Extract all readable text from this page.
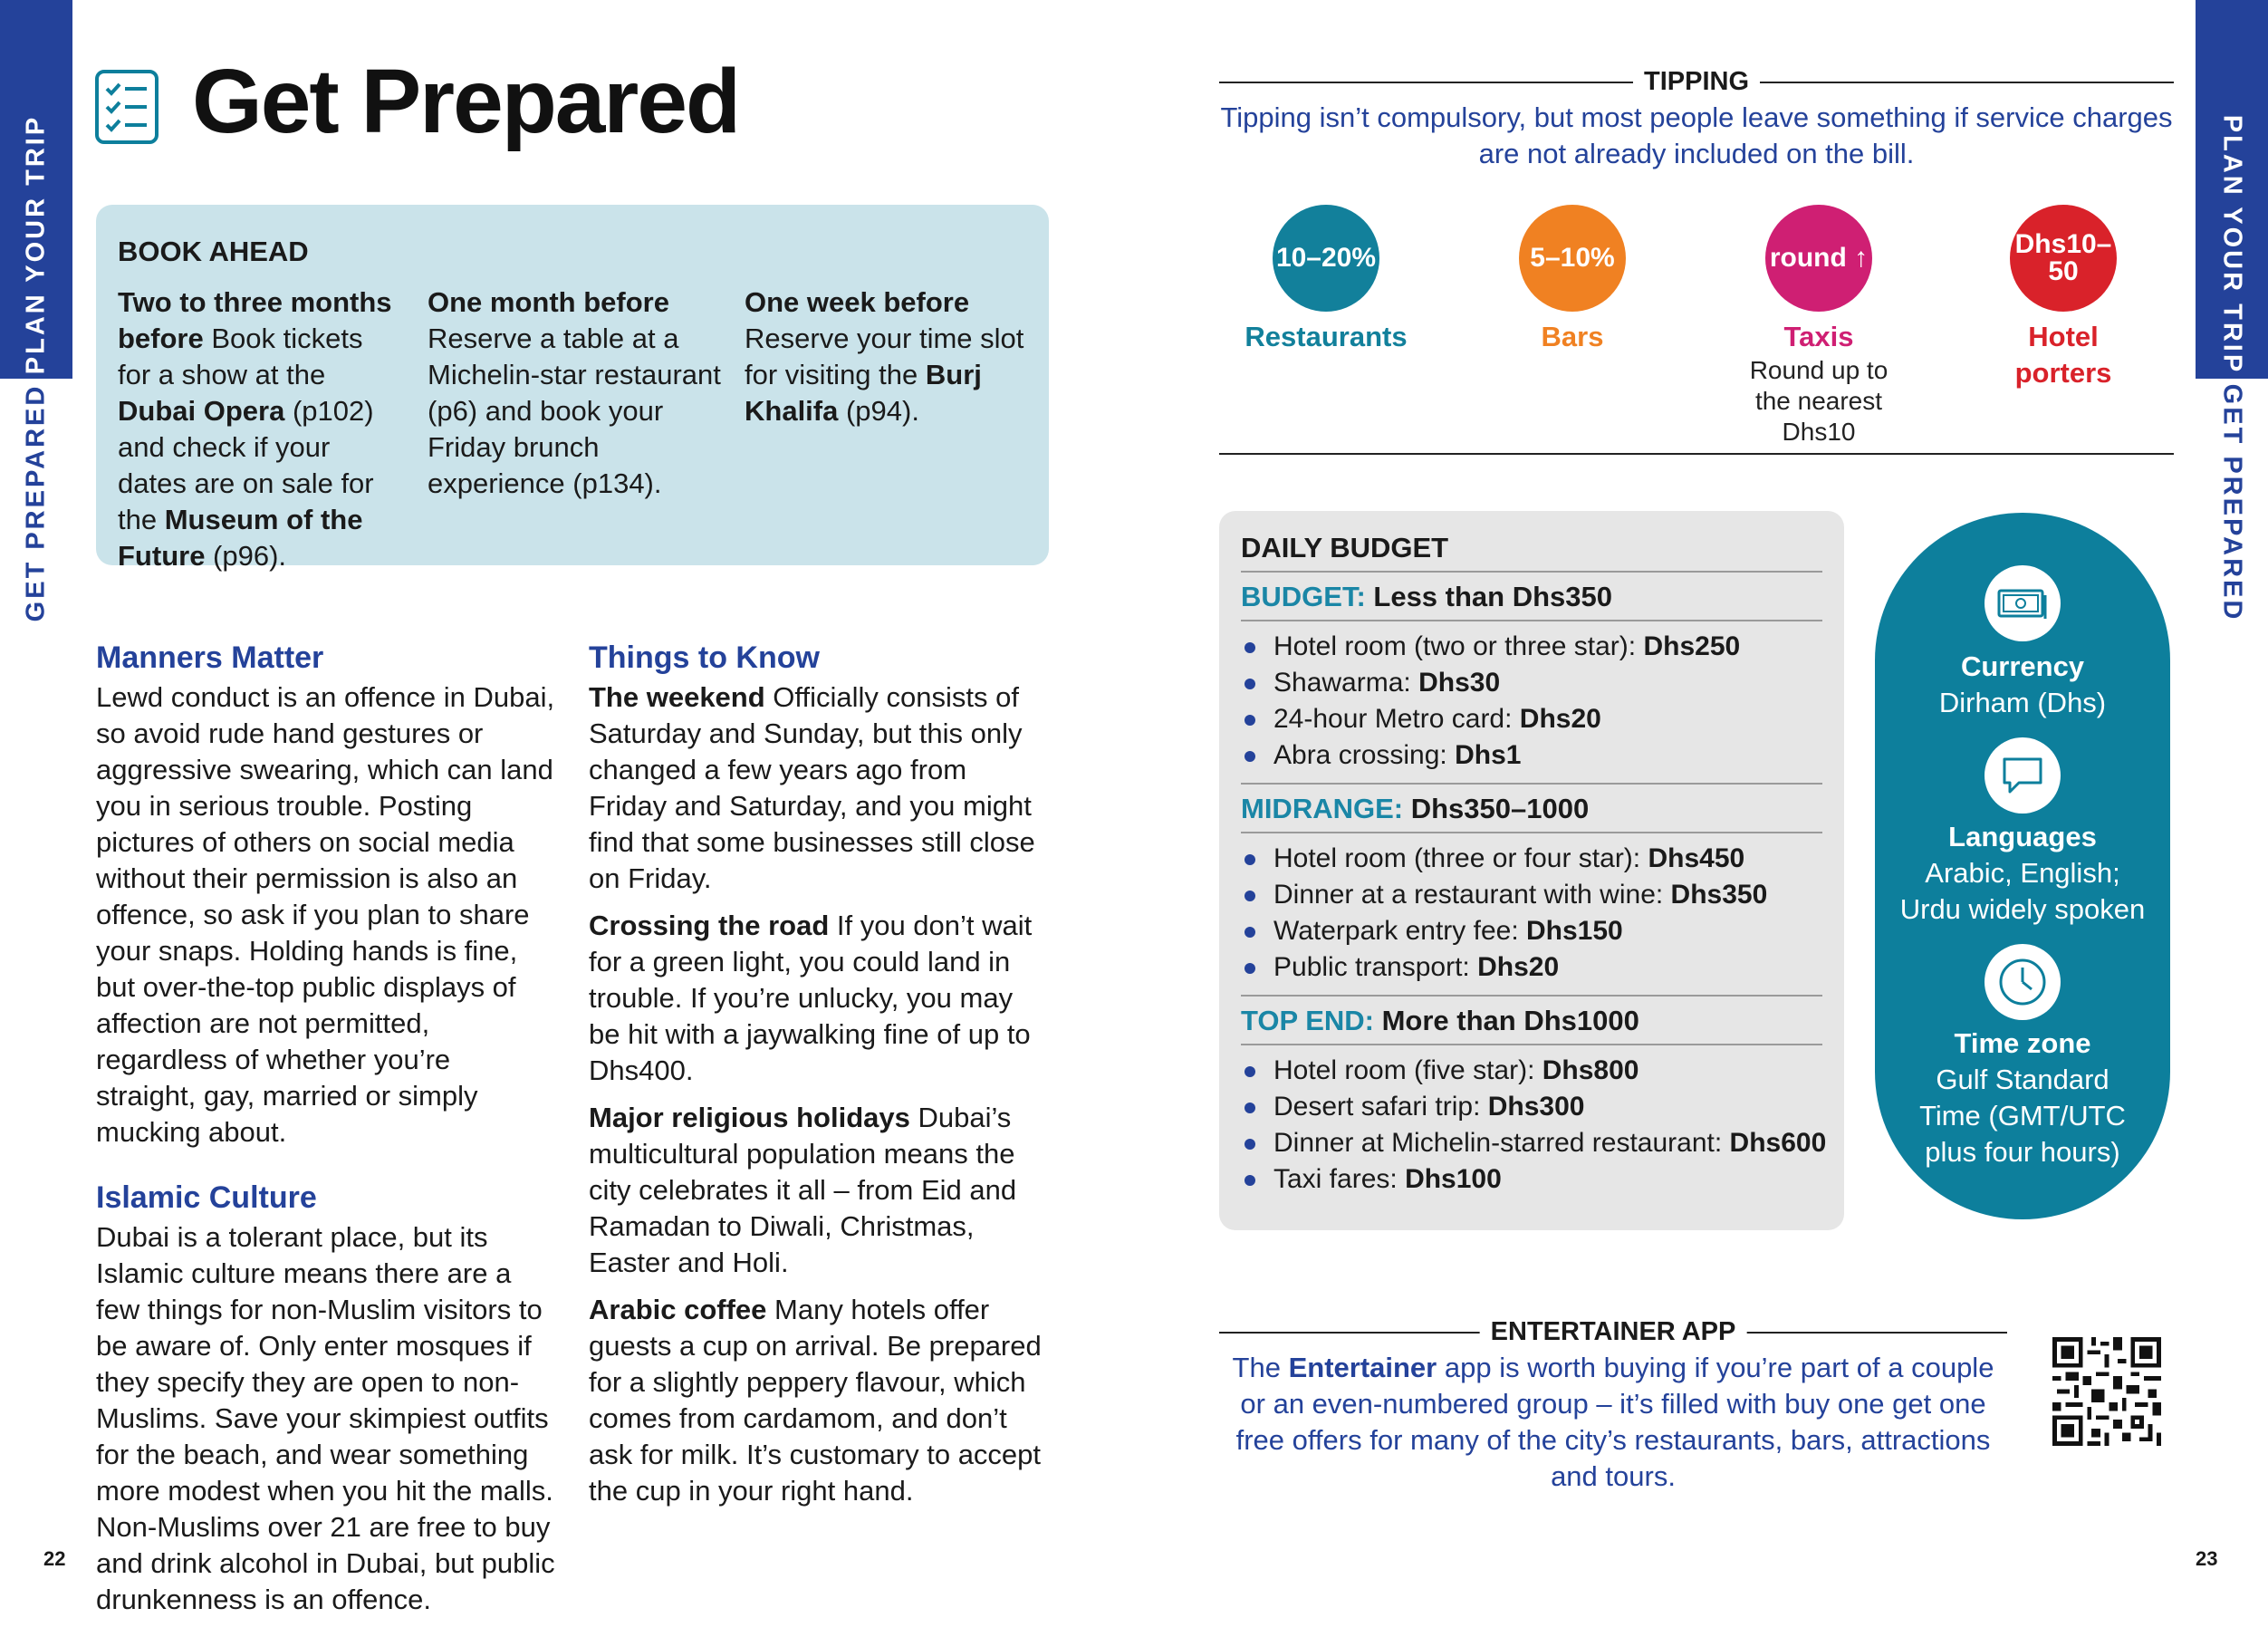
PLAN YOUR TRIP
GET PREPARED
PLAN YOUR TRIP
GET PREPARED
Get Prepared
BOOK AHEAD
Two to three months before Book tickets for a show at the Dubai Opera (p102) and check if your dates are on sale for the Museum of the Future (p96).
One month before Reserve a table at a Michelin-star restaurant (p6) and book your Friday brunch experience (p134).
One week before Reserve your time slot for visiting the Burj Khalifa (p94).
Manners Matter

Lewd conduct is an offence in Dubai, so avoid rude hand gestures or aggressive swearing, which can land you in serious trouble. Posting pictures of others on social media without their permission is also an offence, so ask if you plan to share your snaps. Holding hands is fine, but over-the-top public displays of affection are not permitted, regardless of whether you’re straight, gay, married or simply mucking about.

Islamic Culture

Dubai is a tolerant place, but its Islamic culture means there are a few things for non-Muslim visitors to be aware of. Only enter mosques if they specify they are open to non-Muslims. Save your skimpiest outfits for the beach, and wear something more modest when you hit the malls. Non-Muslims over 21 are free to buy and drink alcohol in Dubai, but public drunkenness is an offence.

Things to Know

The weekend Officially consists of Saturday and Sunday, but this only changed a few years ago from Friday and Saturday, and you might find that some businesses still close on Friday.

Crossing the road If you don’t wait for a green light, you could land in trouble. If you’re unlucky, you may be hit with a jaywalking fine of up to Dhs400.

Major religious holidays Dubai’s multicultural population means the city celebrates it all – from Eid and Ramadan to Diwali, Christmas, Easter and Holi.

Arabic coffee Many hotels offer guests a cup on arrival. Be prepared for a slightly peppery flavour, which comes from cardamom, and don’t ask for milk. It’s customary to accept the cup in your right hand.

22	23
TIPPING
Tipping isn’t compulsory, but most people leave something if service charges are not already included on the bill.
10–20%
Restaurants
5–10%
Bars
round ↑
Taxis
Round up to the nearest Dhs10
Dhs10– 50
Hotel porters
DAILY BUDGET
BUDGET: Less than Dhs350
Hotel room (two or three star): Dhs250
Shawarma: Dhs30
24-hour Metro card: Dhs20
Abra crossing: Dhs1
MIDRANGE: Dhs350–1000
Hotel room (three or four star): Dhs450
Dinner at a restaurant with wine: Dhs350
Waterpark entry fee: Dhs150
Public transport: Dhs20
TOP END: More than Dhs1000
Hotel room (five star): Dhs800
Desert safari trip: Dhs300
Dinner at Michelin-starred restaurant: Dhs600
Taxi fares: Dhs100
Currency
Dirham (Dhs)
Languages
Arabic, English; Urdu widely spoken
Time zone
Gulf Standard Time (GMT/UTC plus four hours)
ENTERTAINER APP
The Entertainer app is worth buying if you’re part of a couple or an even-numbered group – it’s filled with buy one get one free offers for many of the city’s restaurants, bars, attractions and tours.
